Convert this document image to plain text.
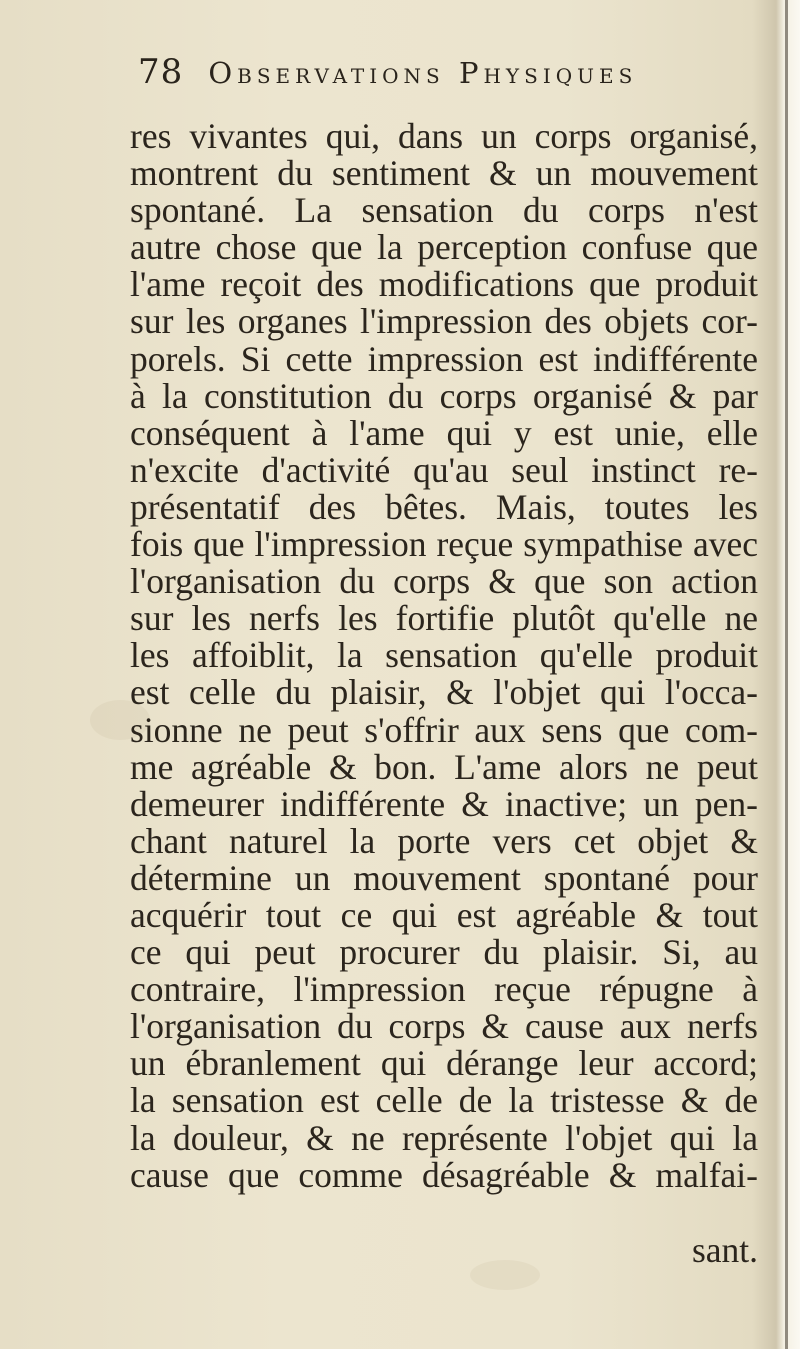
78 Observations Physiques
res vivantes qui, dans un corps organisé,
montrent du sentiment & un mouvement
spontané. La sensation du corps n'est
autre chose que la perception confuse que
l'ame reçoit des modifications que produit
sur les organes l'impression des objets cor-
porels. Si cette impression est indifférente
à la constitution du corps organisé & par
conséquent à l'ame qui y est unie, elle
n'excite d'activité qu'au seul instinct re-
présentatif des bêtes. Mais, toutes les
fois que l'impression reçue sympathise avec
l'organisation du corps & que son action
sur les nerfs les fortifie plutôt qu'elle ne
les affoiblit, la sensation qu'elle produit
est celle du plaisir, & l'objet qui l'occa-
sionne ne peut s'offrir aux sens que com-
me agréable & bon. L'ame alors ne peut
demeurer indifférente & inactive; un pen-
chant naturel la porte vers cet objet &
détermine un mouvement spontané pour
acquérir tout ce qui est agréable & tout
ce qui peut procurer du plaisir. Si, au
contraire, l'impression reçue répugne à
l'organisation du corps & cause aux nerfs
un ébranlement qui dérange leur accord;
la sensation est celle de la tristesse & de
la douleur, & ne représente l'objet qui la
cause que comme désagréable & malfai-
sant.
